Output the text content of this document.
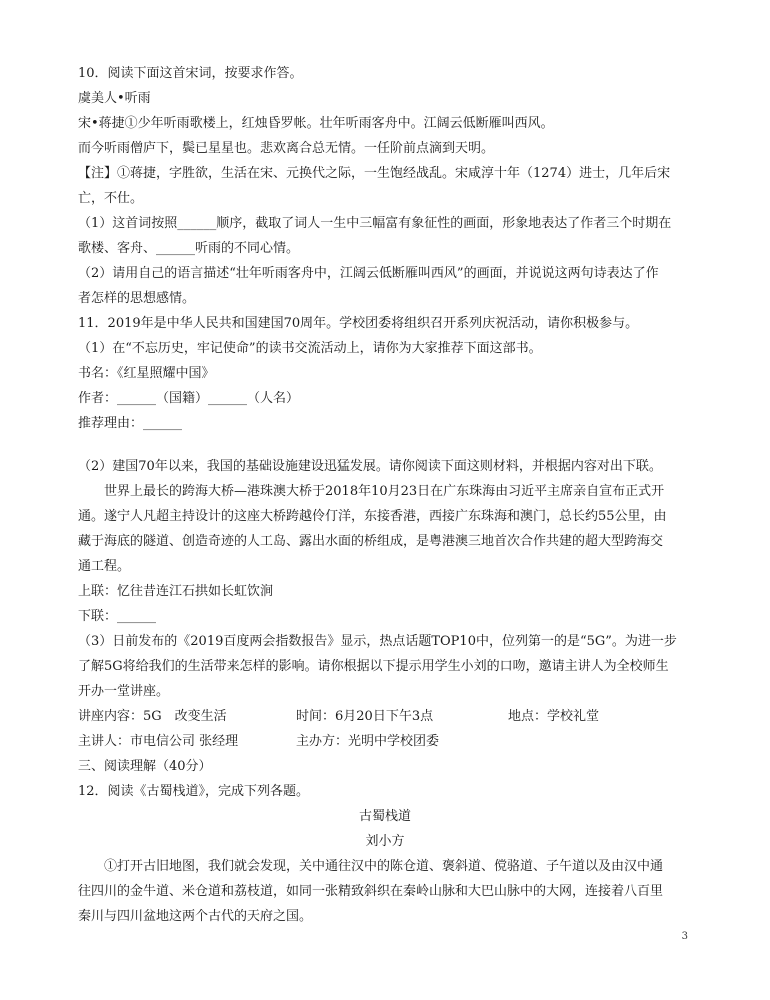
10．阅读下面这首宋词，按要求作答。
虞美人•听雨
宋•蒋捷①少年听雨歌楼上，红烛昏罗帐。壮年听雨客舟中。江阔云低断雁叫西风。
而今听雨僧庐下，鬓已星星也。悲欢离合总无情。一任阶前点滴到天明。
【注】①蒋捷，字胜欲，生活在宋、元换代之际，一生饱经战乱。宋咸淳十年（1274）进士，几年后宋
亡，不仕。
（1）这首词按照______顺序，截取了词人一生中三幅富有象征性的画面，形象地表达了作者三个时期在
歌楼、客舟、______听雨的不同心情。
（2）请用自己的语言描述“壮年听雨客舟中，江阔云低断雁叫西风”的画面，并说说这两句诗表达了作
者怎样的思想感情。
11．2019年是中华人民共和国建国70周年。学校团委将组织召开系列庆祝活动，请你积极参与。
（1）在“不忘历史，牢记使命”的读书交流活动上，请你为大家推荐下面这部书。
书名：《红星照耀中国》
作者：______（国籍）______（人名）
推荐理由：______
（2）建国70年以来，我国的基础设施建设迅猛发展。请你阅读下面这则材料，并根据内容对出下联。
世界上最长的跨海大桥—港珠澳大桥于2018年10月23日在广东珠海由习近平主席亲自宣布正式开
通。遂宁人凡超主持设计的这座大桥跨越伶仃洋，东接香港，西接广东珠海和澳门，总长约55公里，由
藏于海底的隧道、创造奇迹的人工岛、露出水面的桥组成，是粤港澳三地首次合作共建的超大型跨海交
通工程。
上联：忆往昔连江石拱如长虹饮涧
下联：______
（3）日前发布的《2019百度两会指数报告》显示，热点话题TOP10中，位列第一的是“5G”。为进一步
了解5G将给我们的生活带来怎样的影响。请你根据以下提示用学生小刘的口吻，邀请主讲人为全校师生
开办一堂讲座。
讲座内容：5G　改变生活	时间：6月20日下午3点	地点：学校礼堂
主讲人：市电信公司 张经理	主办方：光明中学校团委
三、阅读理解（40分）
12．阅读《古蜀栈道》，完成下列各题。
古蜀栈道
刘小方
①打开古旧地图，我们就会发现，关中通往汉中的陈仓道、褒斜道、傥骆道、子午道以及由汉中通
往四川的金牛道、米仓道和荔枝道，如同一张精致斜织在秦岭山脉和大巴山脉中的大网，连接着八百里
秦川与四川盆地这两个古代的天府之国。
3
